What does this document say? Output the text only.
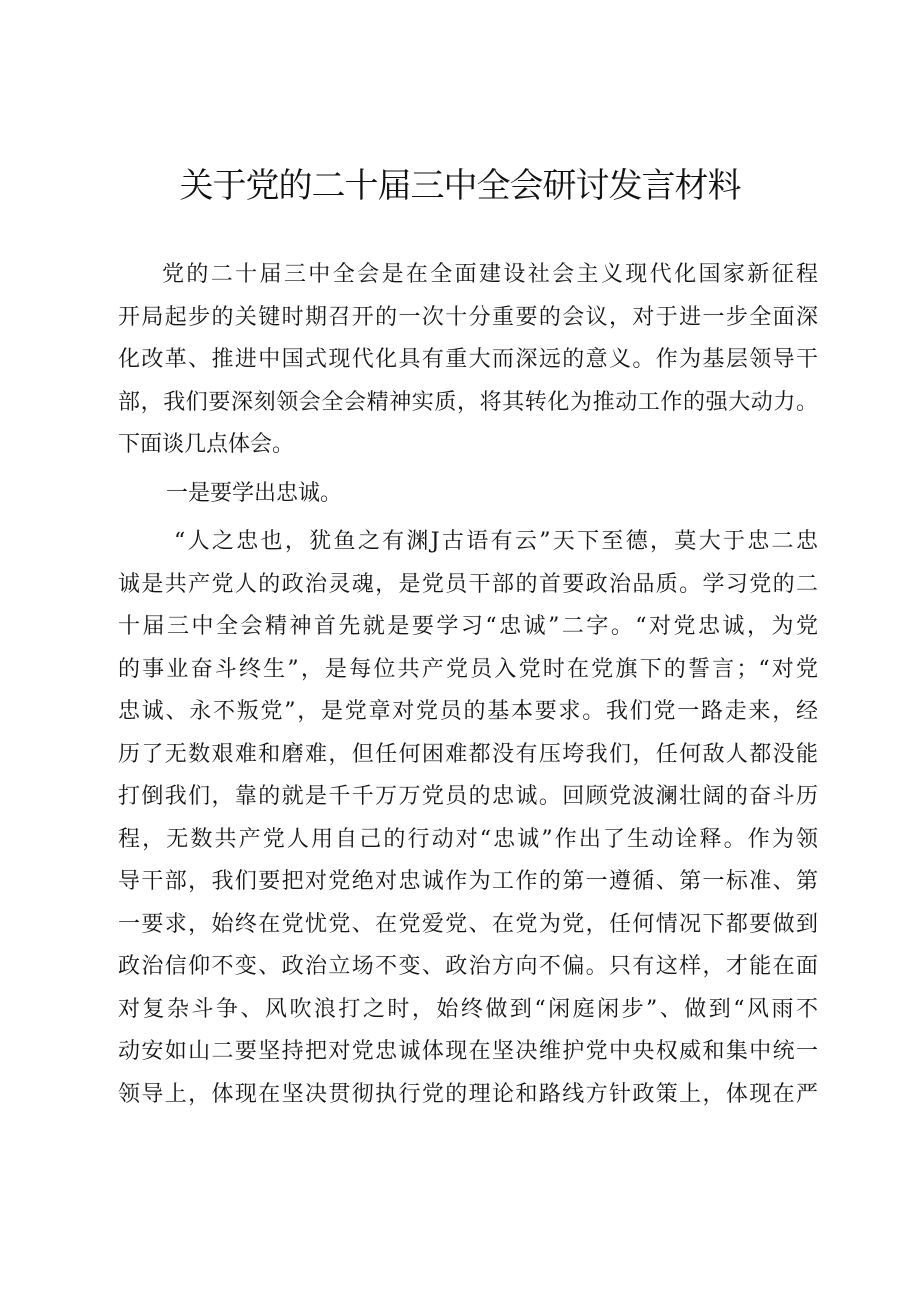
关于党的二十届三中全会研讨发言材料
党的二十届三中全会是在全面建设社会主义现代化国家新征程
开局起步的关键时期召开的一次十分重要的会议，对于进一步全面深
化改革、推进中国式现代化具有重大而深远的意义。作为基层领导干
部，我们要深刻领会全会精神实质，将其转化为推动工作的强大动力。
下面谈几点体会。
一是要学出忠诚。
“人之忠也，犹鱼之有渊J古语有云”天下至德，莫大于忠二忠
诚是共产党人的政治灵魂，是党员干部的首要政治品质。学习党的二
十届三中全会精神首先就是要学习“忠诚”二字。“对党忠诚，为党
的事业奋斗终生”，是每位共产党员入党时在党旗下的誓言；“对党
忠诚、永不叛党”，是党章对党员的基本要求。我们党一路走来，经
历了无数艰难和磨难，但任何困难都没有压垮我们，任何敌人都没能
打倒我们，靠的就是千千万万党员的忠诚。回顾党波澜壮阔的奋斗历
程，无数共产党人用自己的行动对“忠诚”作出了生动诠释。作为领
导干部，我们要把对党绝对忠诚作为工作的第一遵循、第一标准、第
一要求，始终在党忧党、在党爱党、在党为党，任何情况下都要做到
政治信仰不变、政治立场不变、政治方向不偏。只有这样，才能在面
对复杂斗争、风吹浪打之时，始终做到“闲庭闲步”、做到“风雨不
动安如山二要坚持把对党忠诚体现在坚决维护党中央权威和集中统一
领导上，体现在坚决贯彻执行党的理论和路线方针政策上，体现在严
